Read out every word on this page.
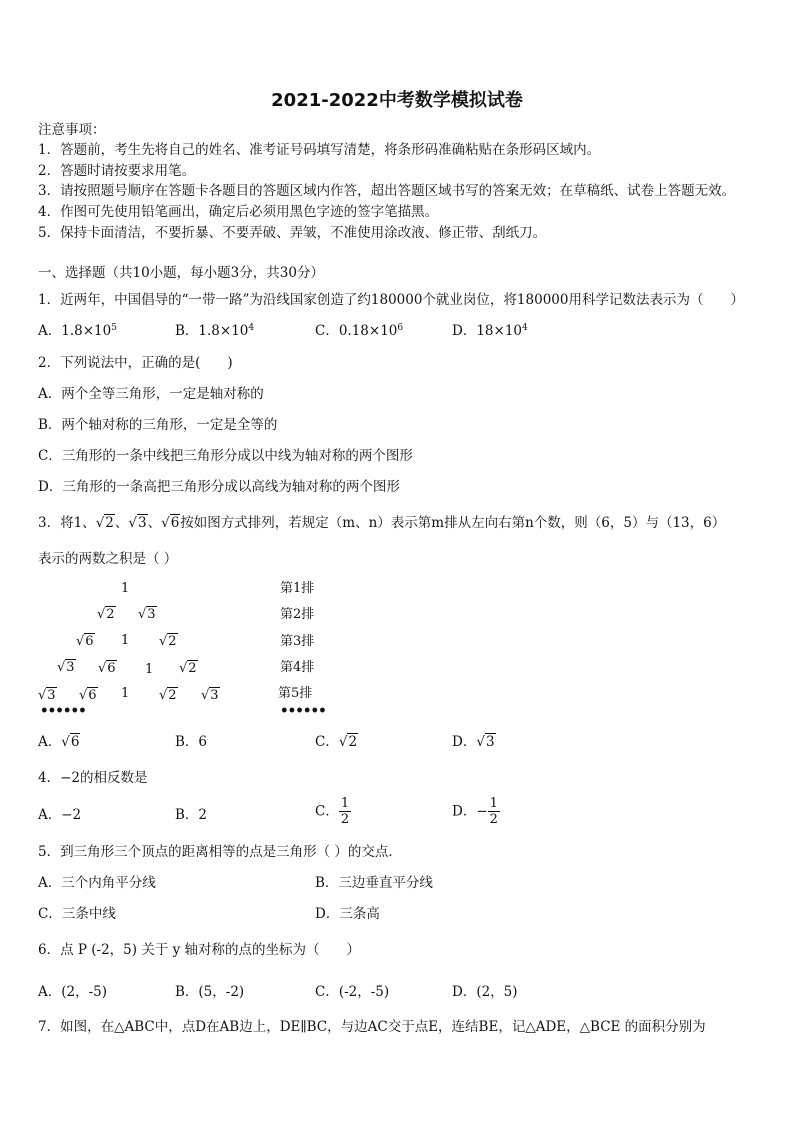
2021-2022中考数学模拟试卷
注意事项：
1．答题前，考生先将自己的姓名、准考证号码填写清楚，将条形码准确粘贴在条形码区域内。
2．答题时请按要求用笔。
3．请按照题号顺序在答题卡各题目的答题区域内作答，超出答题区域书写的答案无效；在草稿纸、试卷上答题无效。
4．作图可先使用铅笔画出，确定后必须用黑色字迹的签字笔描黑。
5．保持卡面清洁，不要折暴、不要弄破、弄皱，不准使用涂改液、修正带、刮纸刀。
一、选择题（共10小题，每小题3分，共30分）
1．近两年，中国倡导的“一带一路”为沿线国家创造了约180000个就业岗位，将180000用科学记数法表示为（　　）
A．$1.8\times 10^5$	B．$1.8\times 10^4$	C．$0.18\times 10^6$	D．$18\times 10^4$
2．下列说法中，正确的是(　　)
A．两个全等三角形，一定是轴对称的
B．两个轴对称的三角形，一定是全等的
C．三角形的一条中线把三角形分成以中线为轴对称的两个图形
D．三角形的一条高把三角形分成以高线为轴对称的两个图形
3．将1、√2、√3、√6按如图方式排列，若规定（m、n）表示第m排从左向右第n个数，则（6，5）与（13，6）
表示的两数之积是（ ）
1
√2 √3
√6 1 √2
√3 √6 1 √2
√3 √6 1 √2 √3
••••••
第1排
第2排
第3排
第4排
第5排
••••••
A．√6	B．6	C．√2	D．√3
4．−2的相反数是
A．−2	B．2	C． $\frac{1}{2}$	D．− $\frac{1}{2}$
5．到三角形三个顶点的距离相等的点是三角形（ ）的交点．
A．三个内角平分线	B．三边垂直平分线
C．三条中线	D．三条高
6．点 P (-2，5) 关于 y 轴对称的点的坐标为（　　）
A．(2，-5)	B．(5，-2)	C．(-2，-5)	D．(2，5)
7．如图，在△ABC中，点D在AB边上，DE∥BC，与边AC交于点E，连结BE，记△ADE，△BCE 的面积分别为
